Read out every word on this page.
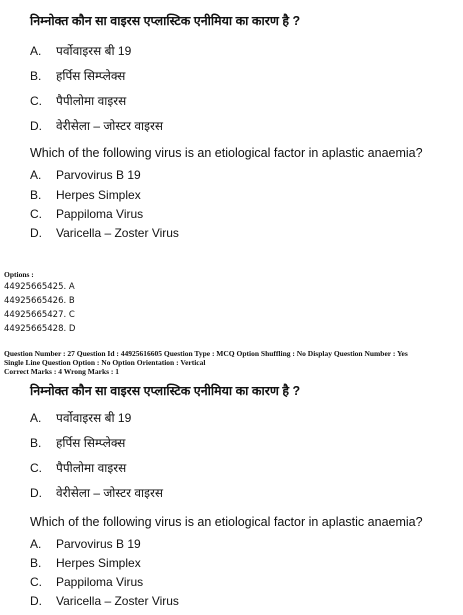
निम्नोक्त कौन सा वाइरस एप्लास्टिक एनीमिया का कारण है ?
A. पर्वोवाइरस बी 19
B. हर्पिस सिम्प्लेक्स
C. पैपीलोमा वाइरस
D. वेरीसेला – जोस्टर वाइरस
Which of the following virus is an etiological factor in aplastic anaemia?
A. Parvovirus B 19
B. Herpes Simplex
C. Pappiloma Virus
D. Varicella – Zoster Virus
Options :
44925665425. A
44925665426. B
44925665427. C
44925665428. D
Question Number : 27 Question Id : 44925616605 Question Type : MCQ Option Shuffling : No Display Question Number : Yes
Single Line Question Option : No Option Orientation : Vertical
Correct Marks : 4 Wrong Marks : 1
निम्नोक्त कौन सा वाइरस एप्लास्टिक एनीमिया का कारण है ?
A. पर्वोवाइरस बी 19
B. हर्पिस सिम्प्लेक्स
C. पैपीलोमा वाइरस
D. वेरीसेला – जोस्टर वाइरस
Which of the following virus is an etiological factor in aplastic anaemia?
A. Parvovirus B 19
B. Herpes Simplex
C. Pappiloma Virus
D. Varicella – Zoster Virus
